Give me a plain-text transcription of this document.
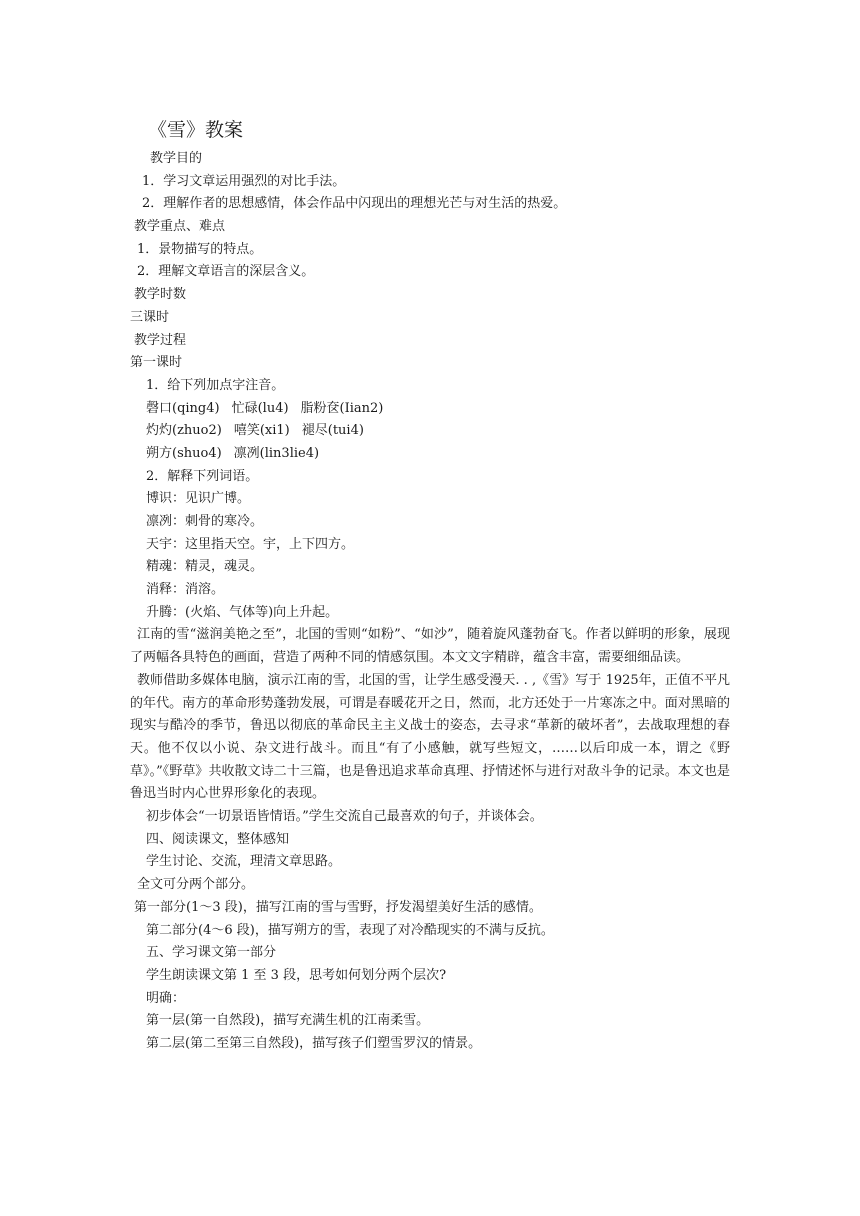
《雪》教案
教学目的
1．学习文章运用强烈的对比手法。
2．理解作者的思想感情，体会作品中闪现出的理想光芒与对生活的热爱。
教学重点、难点
1．景物描写的特点。
2．理解文章语言的深层含义。
教学时数
三课时
教学过程
第一课时
1．给下列加点字注音。
磬口(qing4) 忙碌(lu4) 脂粉奁(Iian2)
灼灼(zhuo2) 嘻笑(xi1) 褪尽(tui4)
朔方(shuo4) 凛冽(lin3lie4)
2．解释下列词语。
博识：见识广博。
凛冽：刺骨的寒冷。
天宇：这里指天空。宇，上下四方。
精魂：精灵，魂灵。
消释：消溶。
升腾：(火焰、气体等)向上升起。
江南的雪“滋润美艳之至”，北国的雪则“如粉”、“如沙”，随着旋风蓬勃奋飞。作者以鲜明的形象，展现了两幅各具特色的画面，营造了两种不同的情感氛围。本文文字精辟，蕴含丰富，需要细细品读。
教师借助多媒体电脑，演示江南的雪，北国的雪，让学生感受漫天. . ,《雪》写于 1925年，正值不平凡的年代。南方的革命形势蓬勃发展，可谓是春暖花开之日，然而，北方还处于一片寒冻之中。面对黑暗的现实与酷冷的季节，鲁迅以彻底的革命民主主义战士的姿态，去寻求“革新的破坏者”，去战取理想的春天。他不仅以小说、杂文进行战斗。而且“有了小感触，就写些短文，……以后印成一本，谓之《野草》。”《野草》共收散文诗二十三篇，也是鲁迅追求革命真理、抒情述怀与进行对敌斗争的记录。本文也是鲁迅当时内心世界形象化的表现。
初步体会“一切景语皆情语。”学生交流自己最喜欢的句子，并谈体会。
四、阅读课文，整体感知
学生讨论、交流，理清文章思路。
全文可分两个部分。
第一部分(1～3 段)，描写江南的雪与雪野，抒发渴望美好生活的感情。
第二部分(4～6 段)，描写朔方的雪，表现了对冷酷现实的不满与反抗。
五、学习课文第一部分
学生朗读课文第 1 至 3 段，思考如何划分两个层次?
明确：
第一层(第一自然段)，描写充满生机的江南柔雪。
第二层(第二至第三自然段)，描写孩子们塑雪罗汉的情景。
